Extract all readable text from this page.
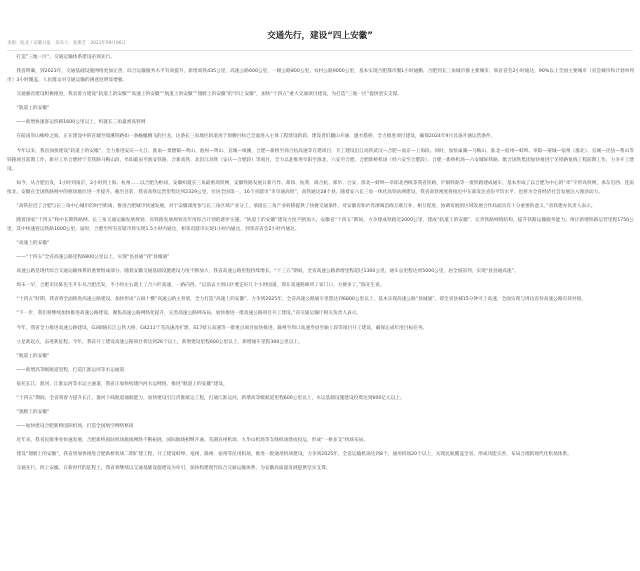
交通先行，建设“四上安徽”
来源：皖北 / 安徽日报 发布人：张惠芝 2021年09月06日

打造“三地一区”，交通运输体系建设必须先行。

我省明确，到2023年，交通基础设施网络更加完善，综合运输服务水平有效提升，新增高铁435公里，高速公路600公里，一级公路800公里，农村公路9000公里，基本实现合肥都市圈1小时通勤，合肥到长三角城市群主要城市、领省省会2小时通达，90%以上全国主要城市（省会城市和计划单列市）3小时覆盖，人民群众对交通运输的满意度明显增强。

交通强省建设积极推进，我省着力建设“轨道上的安徽”“高速上的安徽”“航道上的安徽”“翅膀上的安徽”的“四上安徽”，加快“十四五”重大交通项目建设，为打造“三地一区”提供坚实支撑。

“轨道上的安徽”

——新增快速客运铁路1600公里以上，织就长三角最密高铁网

在皖南崇山峻岭之间，正在建设中的宣城至绩溪铁路如一条蜿蜒腾飞的巨龙，这条长三角地区轨道再于锁腰目标已全面进入主体工程建设阶段，建设者们翻山开通、逢水搭桥，全力推进项目建设，确保2024年9月具备开通运营条件。

今年以来，我省加快建设“轨道上的安徽”，全力推进安庆—九江、淮南—景德镇—黄山、池州—黄山、宣城—绩溪、合肥—新桥至商合杭高速等在建项目，开工建设沿江高铁武汉—合肥—南京—上海段。同时，加快巢湖—马鞍山、淮北—宿州—蚌埠、阜阳—蒙城—宿州（淮北）、宣城—泾县—黄山等铁路项目前期工作，新开工阜合肥经宁芜铁路马鞍山段，阜阳临泉至淮安铁路、合新高铁、北沿江高铁（安庆—合肥段）等项目，全力以赴推进阜阳至淮北、六安至合肥、合肥新桥机场（经六安至合肥段）、合肥一新桥机场—六安城际铁路。配合国铁集团加快推进宁芜铁路复线工程前期工作，力争开工建设。

如今，从合肥出发，1小时到南京，2小时到上海、杭州……以合肥为枢纽，安徽织就长三角最密高铁网，安徽铁路发展日新月异。郑徐、杭黄、商合杭、郑阜、合安、淮北—蚌埠—阜阳北西线等我省铁路，庐铜铁路等一批铁路建成通车，基本形成了以合肥为中心的“米”字形高铁网，承东启西、连南接北，安徽在全国铁路网中的枢纽地位进一步提升。截至目前，我省高铁运营里程达到2329公里，位居全国第一，16个省辖市“市市通高铁”，高铁通达28个县。随着安六长三角一体化高铁站网建设，我省高铁密度将接近中东部发达省份平均水平，也将为全省经济社会发展注入强劲动力。

“高铁拉近了合肥与长三角中心城市的时空距离，推进合肥城市快速发展，对于安徽深度参与长三角区域产业分工，承接长三角产业转移提供了快捷交通条件，对安徽省和庐苏浙闽沿线互联互补、相互促进、协调发展的区域发展合作局面具有十分重要的意义。”省铁建办负责人表示。

随着国家“十四五”和中长期铁路网、长三角交通运输发展规划、省铁路发展规划及年度综合计划的逐步实施，“轨道上的安徽”建设力度不断加大。安徽省“十四五”期间，力争建成铁路近2000公里，建成“轨道上的安徽”，完善铁路网络结构，提升铁路运输服务能力。预计新增铁路运营里程1750公里，其中快速客运铁路1600公里。届时，合肥至所有省辖市将实现1.5小时内通达，相邻省辖市实现1小时内通达，到邻省省会2小时内通达。

“高速上的安徽”

——“十四五”全省高速公路里程6800公里以上，实现“县县通”到“县城通”

高速公路是现代综合交通运输体系的重要组成部分。随着安徽交通基础设施建设力度不断加大，我省高速公路里程持续增长。“十三五”期间，全省高速公路新增里程超过1300公里，通车总里程达到5000公里，居全国前列，实现“县县通高速”。

周末一早，合肥市民陈先生开车从合肥出发，半小时左右就上了合六叶高速，一路向西。“以前去大别山区要走好几个小时国道，现在高速路修到了家门口，方便多了。”陈先生说。

“十四五”时期，我省将全面推进高速公路建设，加快形成“五纵十横”高速公路主骨架，全力打造“高速上的安徽”。力争到2025年，全省高速公路通车里程达到6800公里以上，基本实现高速公路“县城通”，即全省县城15分钟可上高速，全面实现与周边省份高速公路有效对接。

“下一步，我们将继续加快推进高速公路建设，聚焦高速公路网络化提升，完善高速公路网布局，加快推进一批高速公路项目开工建设。”省交通运输厅相关负责人表示。

今年，我省全力推进高速公路建设，G3铜陵长江公铁大桥、G4211宁芜高速改扩建、S17蚌五高速等一批重点项目加快推进，滁州至周口高速寿县至颍上段等项目开工建设，确保完成年度目标任务。

立足新起点，奋进新征程。今年，我省开工建设高速公路项目将达到26个以上，新增建设里程600公里以上，新增通车里程300公里以上。

“航道上的安徽”

——新增高等级航道里程，打造江淮运河等水运通道

依托长江、淮河、江淮运河等水运主通道，我省正加快构建内河水运网络，推进“航道上的安徽”建设。

“十四五”期间，全省将着力提升长江、淮河干线航道通航能力，加快建设引江济淮航运工程，打通江淮运河，新增高等级航道里程600公里以上，水运基础设施建设投资达到600亿元以上。

“翅膀上的安徽”

——加快建设合肥新桥国际机场，打造全国航空网络枢纽

近年来，我省民航事业快速发展，合肥新桥国际机场航线网络不断拓展，国际航线相继开通。芜湖宣州机场、九华山机场等支线机场建成投运，形成“一枢多支”机场布局。

建设“翅膀上的安徽”，我省将加快推进合肥新桥机场二期扩建工程，开工建设蚌埠、亳州、滁州、宿州等民用机场，推进一批通用机场建设。力争到2025年，全省运输机场达到8个，通用机场20个以上，实现民航覆盖全省，形成功能完善、布局合理的现代化机场体系。

交通先行，四上安徽。在新时代的征程上，我省将继续以交通基础设施建设为牵引，加快构建现代综合交通运输体系，为安徽高质量发展提供坚实支撑。
